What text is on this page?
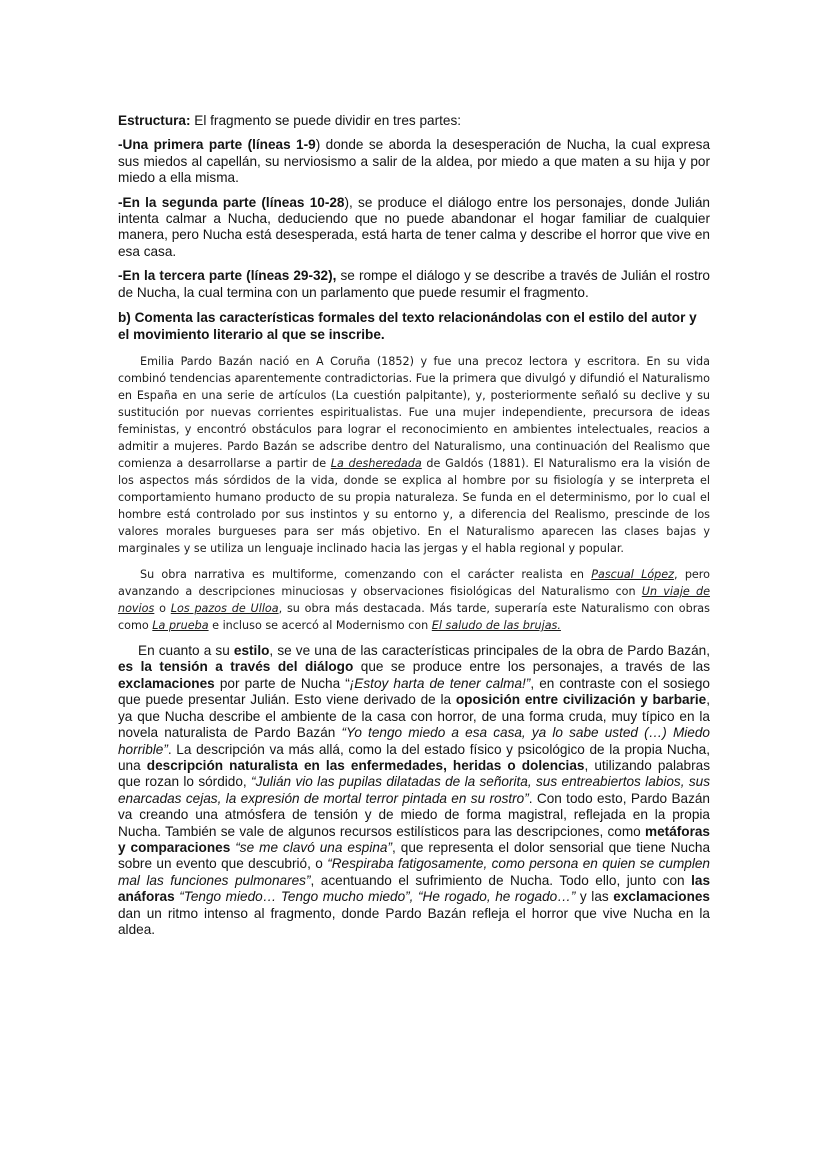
Estructura: El fragmento se puede dividir en tres partes:

-Una primera parte (líneas 1-9) donde se aborda la desesperación de Nucha, la cual expresa sus miedos al capellán, su nerviosismo a salir de la aldea, por miedo a que maten a su hija y por miedo a ella misma.

-En la segunda parte (líneas 10-28), se produce el diálogo entre los personajes, donde Julián intenta calmar a Nucha, deduciendo que no puede abandonar el hogar familiar de cualquier manera, pero Nucha está desesperada, está harta de tener calma y describe el horror que vive en esa casa.

-En la tercera parte (líneas 29-32), se rompe el diálogo y se describe a través de Julián el rostro de Nucha, la cual termina con un parlamento que puede resumir el fragmento.

b) Comenta las características formales del texto relacionándolas con el estilo del autor y el movimiento literario al que se inscribe.

Emilia Pardo Bazán nació en A Coruña (1852) y fue una precoz lectora y escritora. En su vida combinó tendencias aparentemente contradictorias. Fue la primera que divulgó y difundió el Naturalismo en España en una serie de artículos (La cuestión palpitante), y, posteriormente señaló su declive y su sustitución por nuevas corrientes espiritualistas. Fue una mujer independiente, precursora de ideas feministas, y encontró obstáculos para lograr el reconocimiento en ambientes intelectuales, reacios a admitir a mujeres. Pardo Bazán se adscribe dentro del Naturalismo, una continuación del Realismo que comienza a desarrollarse a partir de La desheredada de Galdós (1881). El Naturalismo era la visión de los aspectos más sórdidos de la vida, donde se explica al hombre por su fisiología y se interpreta el comportamiento humano producto de su propia naturaleza. Se funda en el determinismo, por lo cual el hombre está controlado por sus instintos y su entorno y, a diferencia del Realismo, prescinde de los valores morales burgueses para ser más objetivo. En el Naturalismo aparecen las clases bajas y marginales y se utiliza un lenguaje inclinado hacia las jergas y el habla regional y popular.

Su obra narrativa es multiforme, comenzando con el carácter realista en Pascual López, pero avanzando a descripciones minuciosas y observaciones fisiológicas del Naturalismo con Un viaje de novios o Los pazos de Ulloa, su obra más destacada. Más tarde, superaría este Naturalismo con obras como La prueba e incluso se acercó al Modernismo con El saludo de las brujas.

En cuanto a su estilo, se ve una de las características principales de la obra de Pardo Bazán, es la tensión a través del diálogo que se produce entre los personajes, a través de las exclamaciones por parte de Nucha “¡Estoy harta de tener calma!”, en contraste con el sosiego que puede presentar Julián. Esto viene derivado de la oposición entre civilización y barbarie, ya que Nucha describe el ambiente de la casa con horror, de una forma cruda, muy típico en la novela naturalista de Pardo Bazán “Yo tengo miedo a esa casa, ya lo sabe usted (…) Miedo horrible”. La descripción va más allá, como la del estado físico y psicológico de la propia Nucha, una descripción naturalista en las enfermedades, heridas o dolencias, utilizando palabras que rozan lo sórdido, “Julián vio las pupilas dilatadas de la señorita, sus entreabiertos labios, sus enarcadas cejas, la expresión de mortal terror pintada en su rostro”. Con todo esto, Pardo Bazán va creando una atmósfera de tensión y de miedo de forma magistral, reflejada en la propia Nucha. También se vale de algunos recursos estilísticos para las descripciones, como metáforas y comparaciones “se me clavó una espina”, que representa el dolor sensorial que tiene Nucha sobre un evento que descubrió, o “Respiraba fatigosamente, como persona en quien se cumplen mal las funciones pulmonares”, acentuando el sufrimiento de Nucha. Todo ello, junto con las anáforas “Tengo miedo… Tengo mucho miedo”, “He rogado, he rogado…” y las exclamaciones dan un ritmo intenso al fragmento, donde Pardo Bazán refleja el horror que vive Nucha en la aldea.
